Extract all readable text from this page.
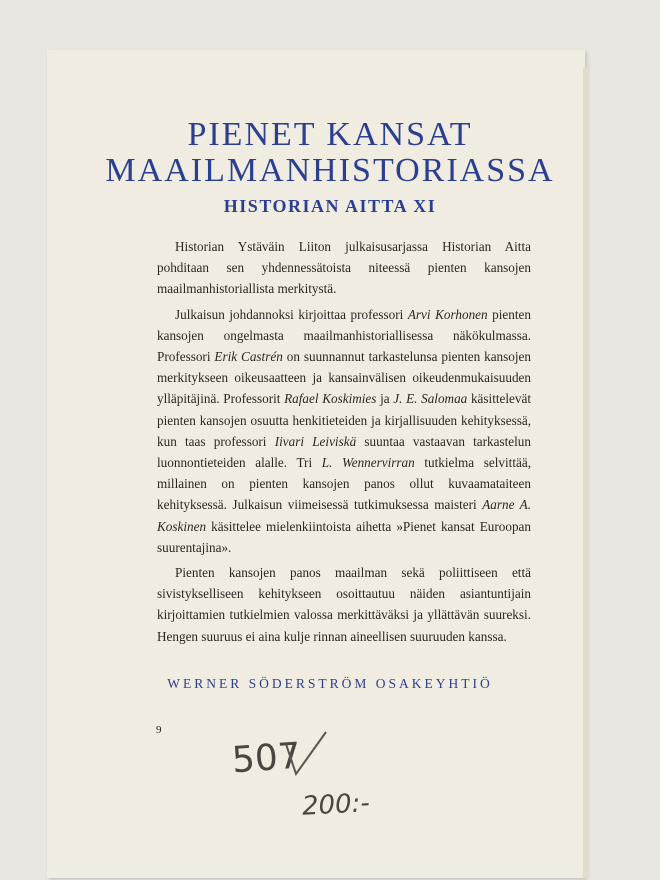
PIENET KANSAT
MAAILMANHISTORIASSA
HISTORIAN AITTA XI

Historian Ystäväin Liiton julkaisusarjassa Historian Aitta pohditaan sen yhdennessätoista niteessä pienten kansojen maailmanhistoriallista merkitystä.

Julkaisun johdannoksi kirjoittaa professori Arvi Korhonen pienten kansojen ongelmasta maailmanhistoriallisessa näkökulmassa. Professori Erik Castrén on suunnannut tarkastelunsa pienten kansojen merkitykseen oikeusaatteen ja kansainvälisen oikeudenmukaisuuden ylläpitäjinä. Professorit Rafael Koskimies ja J. E. Salomaa käsittelevät pienten kansojen osuutta henkitieteiden ja kirjallisuuden kehityksessä, kun taas professori Iivari Leiviskä suuntaa vastaavan tarkastelun luonnontieteiden alalle. Tri L. Wennervirran tutkielma selvittää, millainen on pienten kansojen panos ollut kuvaamataiteen kehityksessä. Julkaisun viimeisessä tutkimuksessa maisteri Aarne A. Koskinen käsittelee mielenkiintoista aihetta »Pienet kansat Euroopan suurentajina».

Pienten kansojen panos maailman sekä poliittiseen että sivistykselliseen kehitykseen osoittautuu näiden asiantuntijain kirjoittamien tutkielmien valossa merkittäväksi ja yllättävän suureksi. Hengen suuruus ei aina kulje rinnan aineellisen suuruuden kanssa.

WERNER SÖDERSTRÖM OSAKEYHTIÖ
9
507
200:-
